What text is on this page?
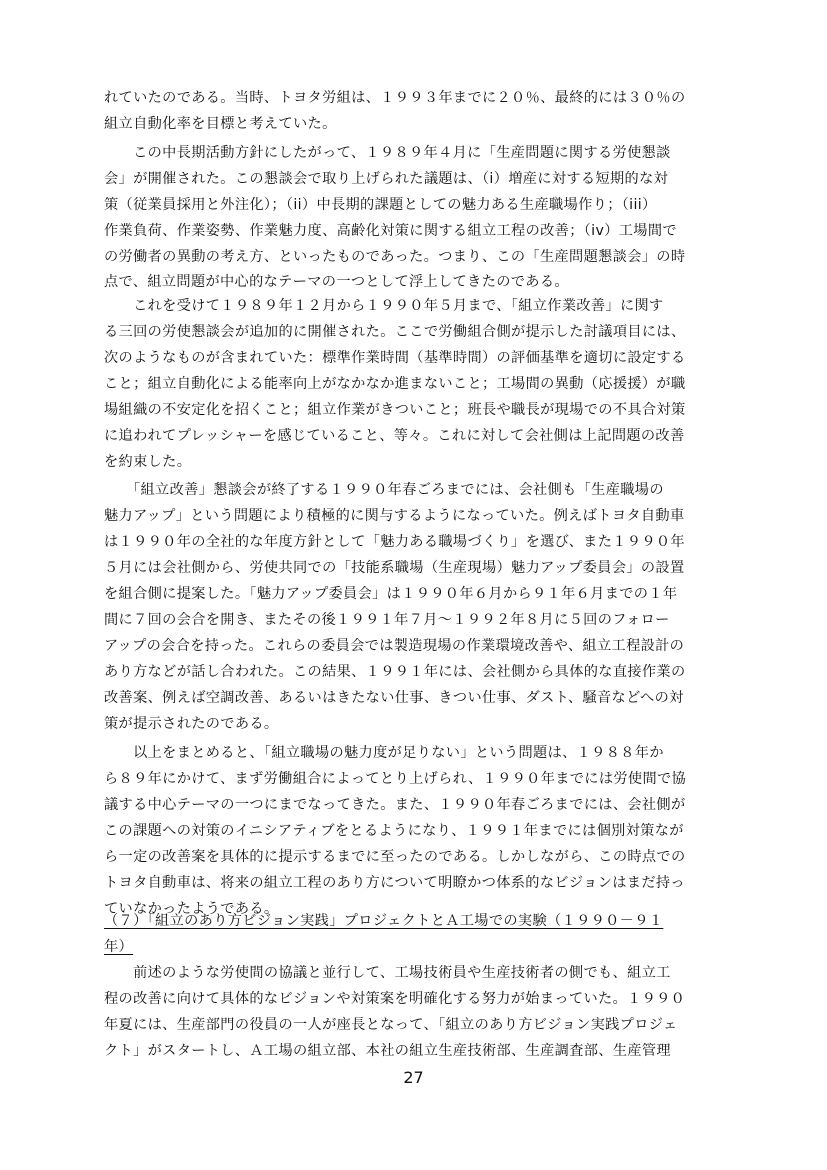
れていたのである。当時、トヨタ労組は、１９９３年までに２０％、最終的には３０％の
組立自動化率を目標と考えていた。
　　この中長期活動方針にしたがって、１９８９年４月に「生産問題に関する労使懇談
会」が開催された。この懇談会で取り上げられた議題は、（i）増産に対する短期的な対
策（従業員採用と外注化）；（ii）中長期的課題としての魅力ある生産職場作り；（iii）
作業負荷、作業姿勢、作業魅力度、高齢化対策に関する組立工程の改善；（iv）工場間で
の労働者の異動の考え方、といったものであった。つまり、この「生産問題懇談会」の時
点で、組立問題が中心的なテーマの一つとして浮上してきたのである。
　　これを受けて１９８９年１２月から１９９０年５月まで、「組立作業改善」に関す
る三回の労使懇談会が追加的に開催された。ここで労働組合側が提示した討議項目には、
次のようなものが含まれていた：標準作業時間（基準時間）の評価基準を適切に設定する
こと；組立自動化による能率向上がなかなか進まないこと；工場間の異動（応援援）が職
場組織の不安定化を招くこと；組立作業がきついこと；班長や職長が現場での不具合対策
に追われてプレッシャーを感じていること、等々。これに対して会社側は上記問題の改善
を約束した。
　　「組立改善」懇談会が終了する１９９０年春ごろまでには、会社側も「生産職場の
魅力アップ」という問題により積極的に関与するようになっていた。例えばトヨタ自動車
は１９９０年の全社的な年度方針として「魅力ある職場づくり」を選び、また１９９０年
５月には会社側から、労使共同での「技能系職場（生産現場）魅力アップ委員会」の設置
を組合側に提案した。「魅力アップ委員会」は１９９０年６月から９１年６月までの１年
間に７回の会合を開き、またその後１９９１年７月～１９９２年８月に５回のフォロー
アップの会合を持った。これらの委員会では製造現場の作業環境改善や、組立工程設計の
あり方などが話し合われた。この結果、１９９１年には、会社側から具体的な直接作業の
改善案、例えば空調改善、あるいはきたない仕事、きつい仕事、ダスト、騒音などへの対
策が提示されたのである。
　　以上をまとめると、「組立職場の魅力度が足りない」という問題は、１９８８年か
ら８９年にかけて、まず労働組合によってとり上げられ、１９９０年までには労使間で協
議する中心テーマの一つにまでなってきた。また、１９９０年春ごろまでには、会社側が
この課題への対策のイニシアティブをとるようになり、１９９１年までには個別対策なが
ら一定の改善案を具体的に提示するまでに至ったのである。しかしながら、この時点での
トヨタ自動車は、将来の組立工程のあり方について明瞭かつ体系的なビジョンはまだ持っ
ていなかったようである。
（７）「組立のあり方ビジョン実践」プロジェクトとＡ工場での実験（１９９０－９１
年）
　　前述のような労使間の協議と並行して、工場技術員や生産技術者の側でも、組立工
程の改善に向けて具体的なビジョンや対策案を明確化する努力が始まっていた。１９９０
年夏には、生産部門の役員の一人が座長となって、「組立のあり方ビジョン実践プロジェ
クト」がスタートし、Ａ工場の組立部、本社の組立生産技術部、生産調査部、生産管理
27
